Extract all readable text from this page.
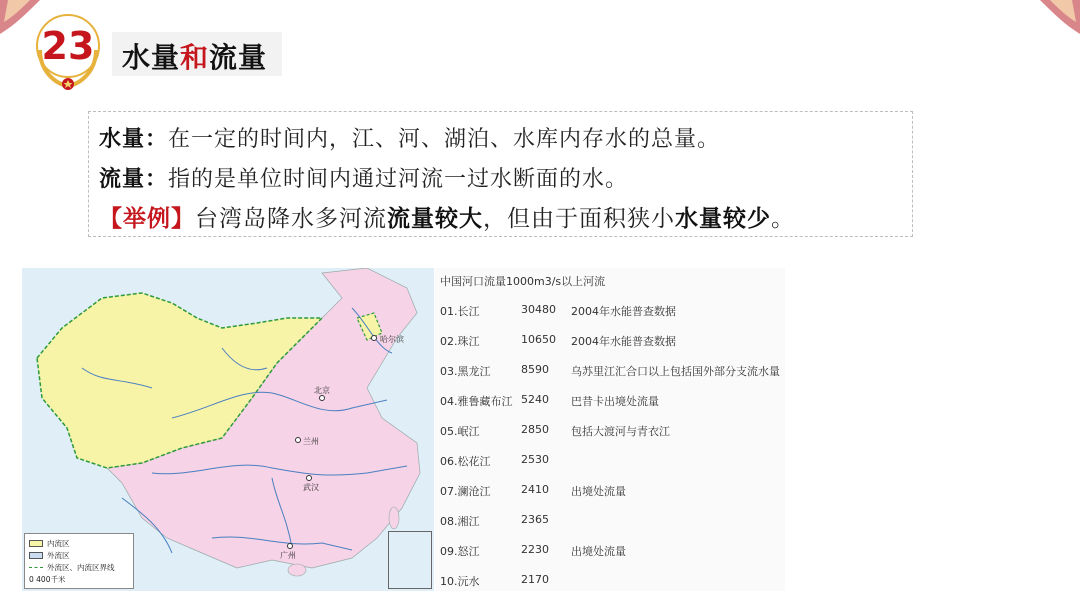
23 水量和流量
水量：在一定的时间内，江、河、湖泊、水库内存水的总量。
流量：指的是单位时间内通过河流一过水断面的水。
【举例】台湾岛降水多河流流量较大，但由于面积狭小水量较少。
北京
兰州
武汉
哈尔滨
广州
内流区
外流区
外流区、内流区界线
0 400千米
中国河口流量1000m3/s以上河流
01.长江	30480 2004年水能普查数据
02.珠江	10650 2004年水能普查数据
03.黑龙江	8590 乌苏里江汇合口以上包括国外部分支流水量
04.雅鲁藏布江 5240 巴昔卡出境处流量
05.岷江	2850 包括大渡河与青衣江
06.松花江	2530
07.澜沧江	2410 出境处流量
08.湘江	2365
09.怒江	2230 出境处流量
10.沅水	2170
